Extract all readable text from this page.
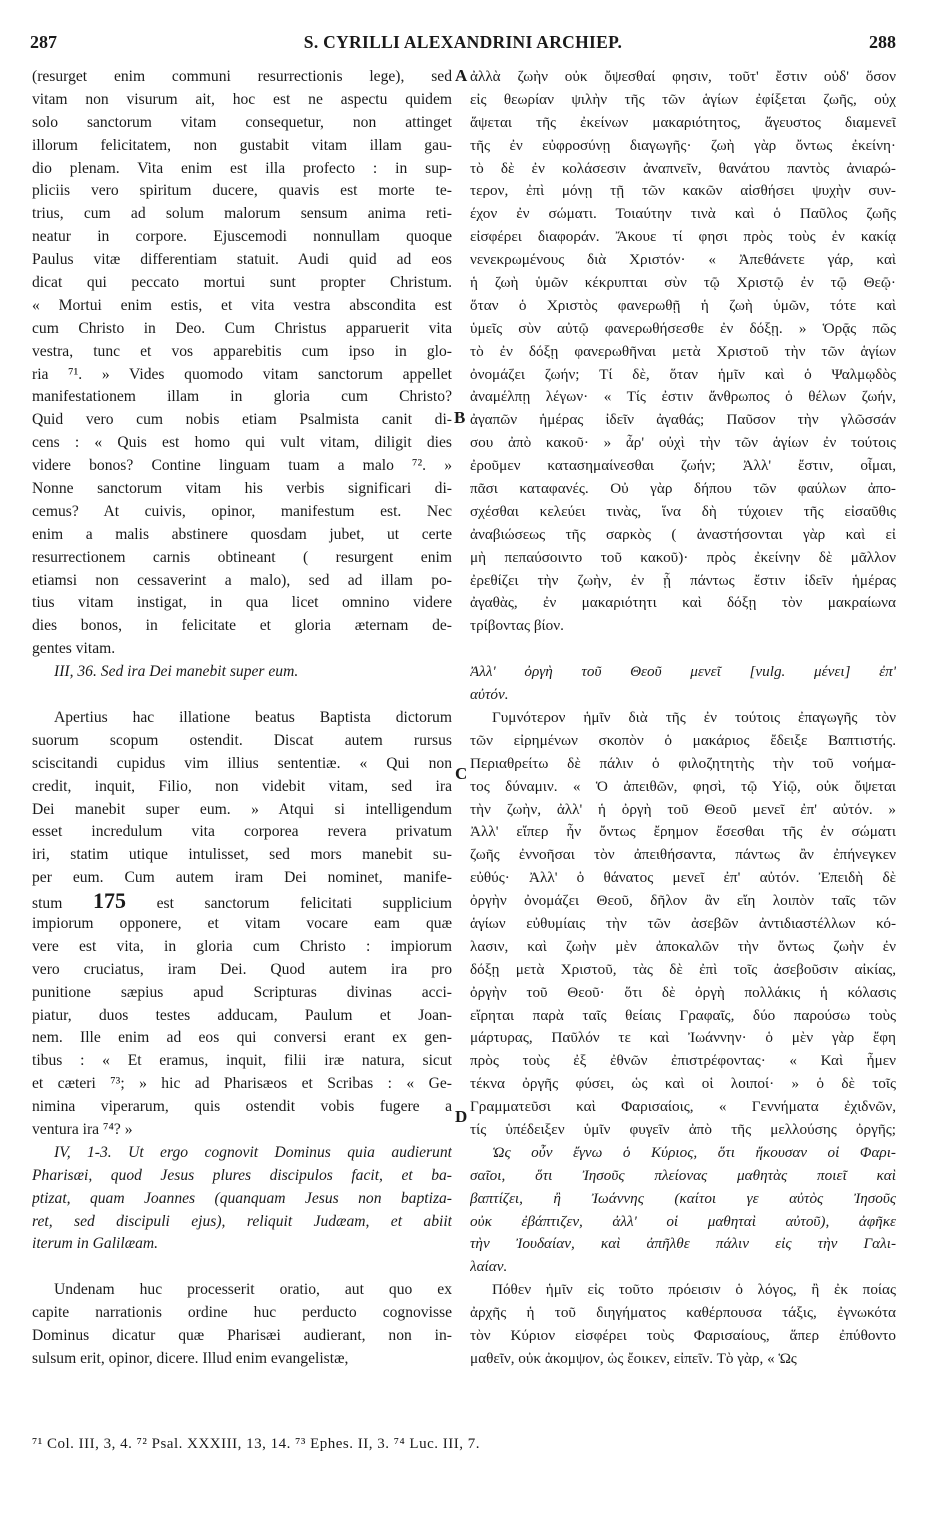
287	S. CYRILLI ALEXANDRINI ARCHIEP.	288
(resurget enim communi resurrectionis lege), sed
vitam non visurum ait, hoc est ne aspectu quidem
solo sanctorum vitam consequetur, non attinget
illorum felicitatem, non gustabit vitam illam gau-
dio plenam. Vita enim est illa profecto : in sup-
pliciis vero spiritum ducere, quavis est morte te-
trius, cum ad solum malorum sensum anima reti-
neatur in corpore. Ejuscemodi nonnullam quoque
Paulus vitæ differentiam statuit. Audi quid ad eos
dicat qui peccato mortui sunt propter Christum.
« Mortui enim estis, et vita vestra abscondita est
cum Christo in Deo. Cum Christus apparuerit vita
vestra, tunc et vos apparebitis cum ipso in glo-
ria ⁷¹. » Vides quomodo vitam sanctorum appellet
manifestationem illam in gloria cum Christo?
Quid vero cum nobis etiam Psalmista canit di-
cens : « Quis est homo qui vult vitam, diligit dies
videre bonos? Contine linguam tuam a malo ⁷². »
Nonne sanctorum vitam his verbis significari di-
cemus? At cuivis, opinor, manifestum est. Nec
enim a malis abstinere quosdam jubet, ut certe
resurrectionem carnis obtineant ( resurgent enim
etiamsi non cessaverint a malo), sed ad illam po-
tius vitam instigat, in qua licet omnino videre
dies bonos, in felicitate et gloria æternam de-
gentes vitam.
III, 36. Sed ira Dei manebit super eum.
Apertius hac illatione beatus Baptista dictorum
suorum scopum ostendit. Discat autem rursus
sciscitandi cupidus vim illius sententiæ. « Qui non
credit, inquit, Filio, non videbit vitam, sed ira
Dei manebit super eum. » Atqui si intelligendum
esset incredulum vita corporea revera privatum
iri, statim utique intulisset, sed mors manebit su-
per eum. Cum autem iram Dei nominet, manife-
stum 175 est sanctorum felicitati supplicium
impiorum opponere, et vitam vocare eam quæ
vere est vita, in gloria cum Christo : impiorum
vero cruciatus, iram Dei. Quod autem ira pro
punitione sæpius apud Scripturas divinas acci-
piatur, duos testes adducam, Paulum et Joan-
nem. Ille enim ad eos qui conversi erant ex gen-
tibus : « Et eramus, inquit, filii iræ natura, sicut
et cæteri ⁷³; » hic ad Pharisæos et Scribas : « Ge-
nimina viperarum, quis ostendit vobis fugere a
ventura ira ⁷⁴? »
IV, 1-3. Ut ergo cognovit Dominus quia audierunt
Pharisæi, quod Jesus plures discipulos facit, et ba-
ptizat, quam Joannes (quanquam Jesus non baptiza-
ret, sed discipuli ejus), reliquit Judæam, et abiit
iterum in Galilæam.
Undenam huc processerit oratio, aut quo ex
capite narrationis ordine huc perducto cognovisse
Dominus dicatur quæ Pharisæi audierant, non in-
sulsum erit, opinor, dicere. Illud enim evangelistæ,
ἀλλὰ ζωὴν οὐκ ὄψεσθαί φησιν, τοῦτ' ἔστιν οὐδ' ὅσον
εἰς θεωρίαν ψιλὴν τῆς τῶν ἁγίων ἐφίξεται ζωῆς, οὐχ
ἅψεται τῆς ἐκείνων μακαριότητος, ἄγευστος διαμενεῖ
τῆς ἐν εὐφροσύνῃ διαγωγῆς· ζωὴ γὰρ ὄντως ἐκείνη·
τὸ δὲ ἐν κολάσεσιν ἀναπνεῖν, θανάτου παντὸς ἀνιαρώ-
τερον, ἐπὶ μόνῃ τῇ τῶν κακῶν αἰσθήσει ψυχὴν συν-
έχον ἐν σώματι. Τοιαύτην τινὰ καὶ ὁ Παῦλος ζωῆς
εἰσφέρει διαφοράν. Ἄκουε τί φησι πρὸς τοὺς ἐν κακίᾳ
νενεκρωμένους διὰ Χριστόν· « Ἀπεθάνετε γάρ, καὶ
ἡ ζωὴ ὑμῶν κέκρυπται σὺν τῷ Χριστῷ ἐν τῷ Θεῷ·
ὅταν ὁ Χριστὸς φανερωθῇ ἡ ζωὴ ὑμῶν, τότε καὶ
ὑμεῖς σὺν αὐτῷ φανερωθήσεσθε ἐν δόξῃ. » Ὁρᾷς πῶς
τὸ ἐν δόξῃ φανερωθῆναι μετὰ Χριστοῦ τὴν τῶν ἁγίων
ὀνομάζει ζωήν; Τί δὲ, ὅταν ἡμῖν καὶ ὁ Ψαλμῳδὸς
ἀναμέλπῃ λέγων· « Τίς ἐστιν ἄνθρωπος ὁ θέλων ζωήν,
ἀγαπῶν ἡμέρας ἰδεῖν ἀγαθάς; Παῦσον τὴν γλῶσσάν
σου ἀπὸ κακοῦ· » ἆρ' οὐχὶ τὴν τῶν ἁγίων ἐν τούτοις
ἐροῦμεν κατασημαίνεσθαι ζωήν; Ἀλλ' ἔστιν, οἶμαι,
πᾶσι καταφανές. Οὐ γὰρ δήπου τῶν φαύλων ἀπο-
σχέσθαι κελεύει τινὰς, ἵνα δὴ τύχοιεν τῆς εἰσαῦθις
ἀναβιώσεως τῆς σαρκὸς ( ἀναστήσονται γὰρ καὶ εἰ
μὴ πεπαύσοιντο τοῦ κακοῦ)· πρὸς ἐκείνην δὲ μᾶλλον
ἐρεθίζει τὴν ζωὴν, ἐν ᾗ πάντως ἔστιν ἰδεῖν ἡμέρας
ἀγαθὰς, ἐν μακαριότητι καὶ δόξῃ τὸν μακραίωνα
τρίβοντας βίον.
Ἀλλ' ὀργὴ τοῦ Θεοῦ μενεῖ [vulg. μένει] ἐπ'
αὐτόν.
Γυμνότερον ἡμῖν διὰ τῆς ἐν τούτοις ἐπαγωγῆς τὸν
τῶν εἰρημένων σκοπὸν ὁ μακάριος ἔδειξε Βαπτιστής.
Περιαθρείτω δὲ πάλιν ὁ φιλοζητητὴς τὴν τοῦ νοήμα-
τος δύναμιν. « Ὁ ἀπειθῶν, φησὶ, τῷ Υἱῷ, οὐκ ὄψεται
τὴν ζωὴν, ἀλλ' ἡ ὀργὴ τοῦ Θεοῦ μενεῖ ἐπ' αὐτόν. »
Ἀλλ' εἴπερ ἦν ὄντως ἔρημον ἔσεσθαι τῆς ἐν σώματι
ζωῆς ἐννοῆσαι τὸν ἀπειθήσαντα, πάντως ἂν ἐπήνεγκεν
εὐθύς· Ἀλλ' ὁ θάνατος μενεῖ ἐπ' αὐτόν. Ἐπειδὴ δὲ
ὀργὴν ὀνομάζει Θεοῦ, δῆλον ἂν εἴη λοιπὸν ταῖς τῶν
ἁγίων εὐθυμίαις τὴν τῶν ἀσεβῶν ἀντιδιαστέλλων κό-
λασιν, καὶ ζωὴν μὲν ἀποκαλῶν τὴν ὄντως ζωὴν ἐν
δόξῃ μετὰ Χριστοῦ, τὰς δὲ ἐπὶ τοῖς ἀσεβοῦσιν αἰκίας,
ὀργὴν τοῦ Θεοῦ· ὅτι δὲ ὀργὴ πολλάκις ἡ κόλασις
εἴρηται παρὰ ταῖς θείαις Γραφαῖς, δύο παρούσω τοὺς
μάρτυρας, Παῦλόν τε καὶ Ἰωάννην· ὁ μὲν γὰρ ἔφη
πρὸς τοὺς ἐξ ἐθνῶν ἐπιστρέφοντας· « Καὶ ἦμεν
τέκνα ὀργῆς φύσει, ὡς καὶ οἱ λοιποί· » ὁ δὲ τοῖς
Γραμματεῦσι καὶ Φαρισαίοις, « Γεννήματα ἐχιδνῶν,
τίς ὑπέδειξεν ὑμῖν φυγεῖν ἀπὸ τῆς μελλούσης ὀργῆς;
Ὡς οὖν ἔγνω ὁ Κύριος, ὅτι ἤκουσαν οἱ Φαρι-
σαῖοι, ὅτι Ἰησοῦς πλείονας μαθητὰς ποιεῖ καὶ
βαπτίζει, ἢ Ἰωάννης (καίτοι γε αὐτὸς Ἰησοῦς
οὐκ ἐβάπτιζεν, ἀλλ' οἱ μαθηταὶ αὐτοῦ), ἀφῆκε
τὴν Ἰουδαίαν, καὶ ἀπῆλθε πάλιν εἰς τὴν Γαλι-
λαίαν.
Πόθεν ἡμῖν εἰς τοῦτο πρόεισιν ὁ λόγος, ἢ ἐκ ποίας
ἀρχῆς ἡ τοῦ διηγήματος καθέρπουσα τάξις, ἐγνωκότα
τὸν Κύριον εἰσφέρει τοὺς Φαρισαίους, ἅπερ ἐπύθοντο
μαθεῖν, οὐκ ἀκομψον, ὡς ἔοικεν, εἰπεῖν. Τὸ γὰρ, « Ὡς
A
B
C
D
⁷¹ Col. III, 3, 4. ⁷² Psal. XXXIII, 13, 14. ⁷³ Ephes. II, 3. ⁷⁴ Luc. III, 7.
